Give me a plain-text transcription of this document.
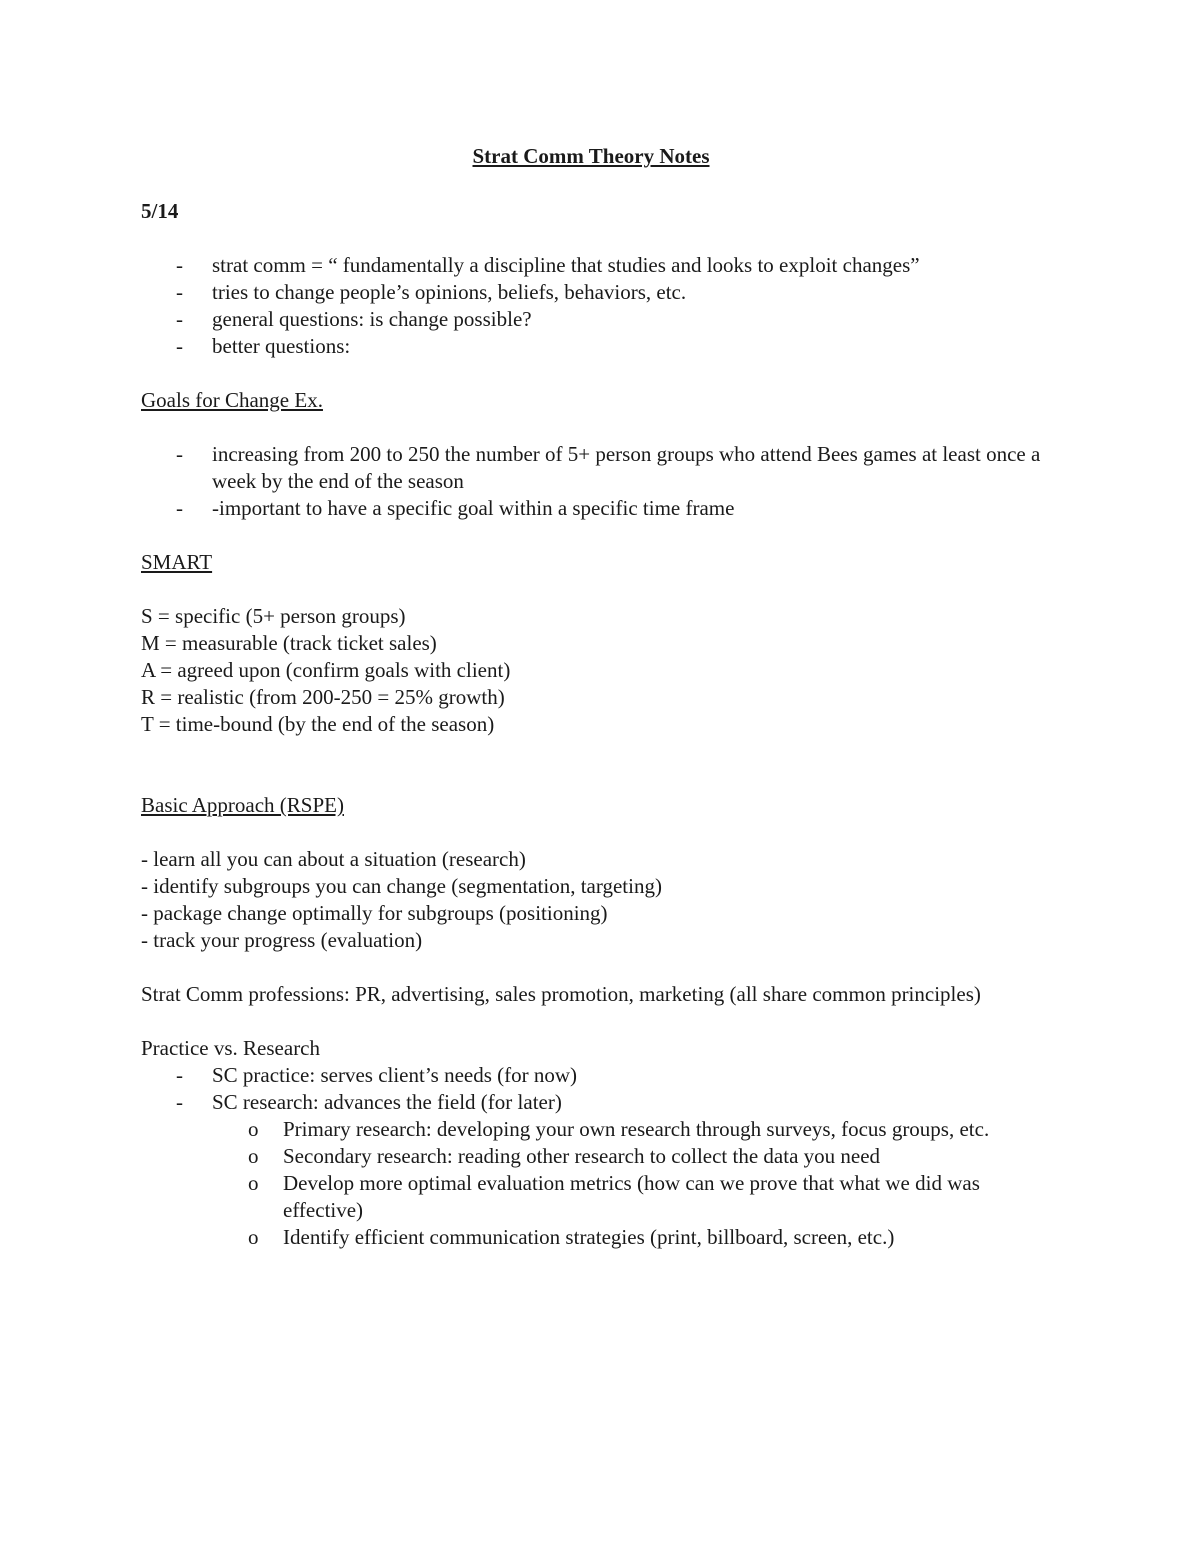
Strat Comm Theory Notes
5/14
- strat comm = “ fundamentally a discipline that studies and looks to exploit changes”
- tries to change people’s opinions, beliefs, behaviors, etc.
- general questions: is change possible?
- better questions:

Goals for Change Ex.

- increasing from 200 to 250 the number of 5+ person groups who attend Bees games at least once a week by the end of the season
- -important to have a specific goal within a specific time frame

SMART

S = specific (5+ person groups)

M = measurable (track ticket sales)

A = agreed upon (confirm goals with client)

R = realistic (from 200-250 = 25% growth)

T = time-bound (by the end of the season)

Basic Approach (RSPE)

- learn all you can about a situation (research)

- identify subgroups you can change (segmentation, targeting)

- package change optimally for subgroups (positioning)

- track your progress (evaluation)

Strat Comm professions: PR, advertising, sales promotion, marketing (all share common principles)

Practice vs. Research

- SC practice: serves client’s needs (for now)
- SC research: advances the field (for later)
o Primary research: developing your own research through surveys, focus groups, etc.
o Secondary research: reading other research to collect the data you need
o Develop more optimal evaluation metrics (how can we prove that what we did was effective)
o Identify efficient communication strategies (print, billboard, screen, etc.)
